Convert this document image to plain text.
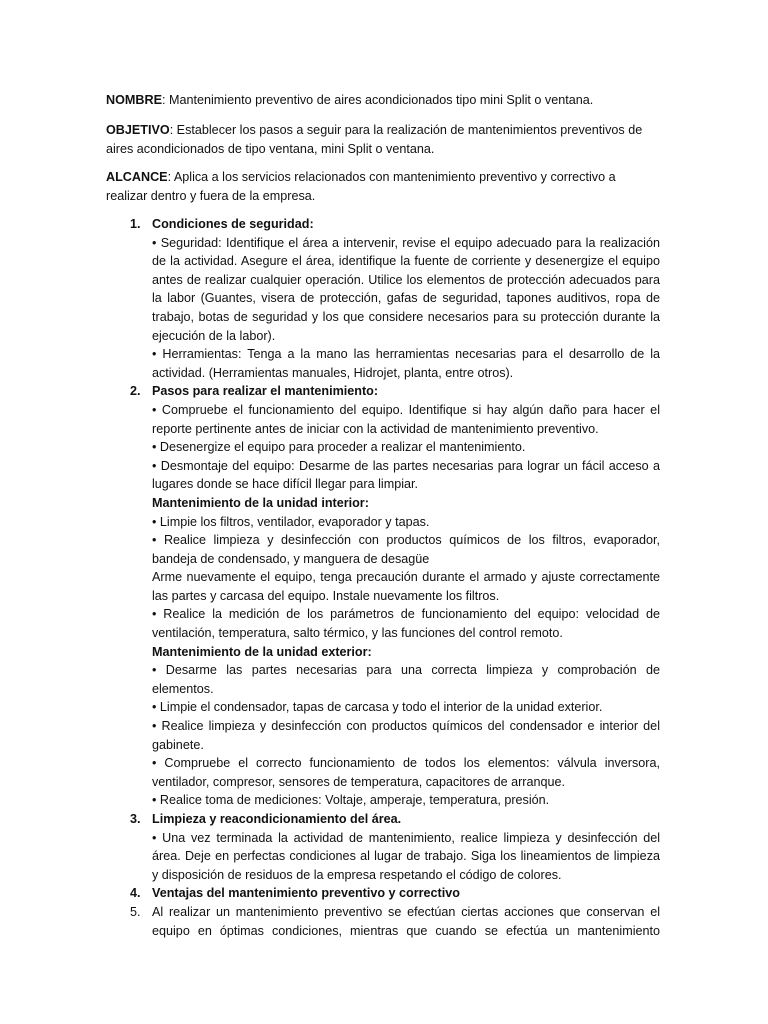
NOMBRE: Mantenimiento preventivo de aires acondicionados tipo mini Split o ventana.

OBJETIVO: Establecer los pasos a seguir para la realización de mantenimientos preventivos de aires acondicionados de tipo ventana, mini Split o ventana.

ALCANCE: Aplica a los servicios relacionados con mantenimiento preventivo y correctivo a realizar dentro y fuera de la empresa.

1. Condiciones de seguridad:
• Seguridad: Identifique el área a intervenir, revise el equipo adecuado para la realización de la actividad. Asegure el área, identifique la fuente de corriente y desenergize el equipo antes de realizar cualquier operación. Utilice los elementos de protección adecuados para la labor (Guantes, visera de protección, gafas de seguridad, tapones auditivos, ropa de trabajo, botas de seguridad y los que considere necesarios para su protección durante la ejecución de la labor).
• Herramientas: Tenga a la mano las herramientas necesarias para el desarrollo de la actividad. (Herramientas manuales, Hidrojet, planta, entre otros).
2. Pasos para realizar el mantenimiento:
• Compruebe el funcionamiento del equipo. Identifique si hay algún daño para hacer el reporte pertinente antes de iniciar con la actividad de mantenimiento preventivo.
• Desenergize el equipo para proceder a realizar el mantenimiento.
• Desmontaje del equipo: Desarme de las partes necesarias para lograr un fácil acceso a lugares donde se hace difícil llegar para limpiar.
Mantenimiento de la unidad interior:
• Limpie los filtros, ventilador, evaporador y tapas.
• Realice limpieza y desinfección con productos químicos de los filtros, evaporador, bandeja de condensado, y manguera de desagüe
Arme nuevamente el equipo, tenga precaución durante el armado y ajuste correctamente las partes y carcasa del equipo. Instale nuevamente los filtros.
• Realice la medición de los parámetros de funcionamiento del equipo: velocidad de ventilación, temperatura, salto térmico, y las funciones del control remoto.
Mantenimiento de la unidad exterior:
• Desarme las partes necesarias para una correcta limpieza y comprobación de elementos.
• Limpie el condensador, tapas de carcasa y todo el interior de la unidad exterior.
• Realice limpieza y desinfección con productos químicos del condensador e interior del gabinete.
• Compruebe el correcto funcionamiento de todos los elementos: válvula inversora, ventilador, compresor, sensores de temperatura, capacitores de arranque.
• Realice toma de mediciones: Voltaje, amperaje, temperatura, presión.
3. Limpieza y reacondicionamiento del área.
• Una vez terminada la actividad de mantenimiento, realice limpieza y desinfección del área. Deje en perfectas condiciones al lugar de trabajo. Siga los lineamientos de limpieza y disposición de residuos de la empresa respetando el código de colores.
4. Ventajas del mantenimiento preventivo y correctivo
5. Al realizar un mantenimiento preventivo se efectúan ciertas acciones que conservan el equipo en óptimas condiciones, mientras que cuando se efectúa un mantenimiento
